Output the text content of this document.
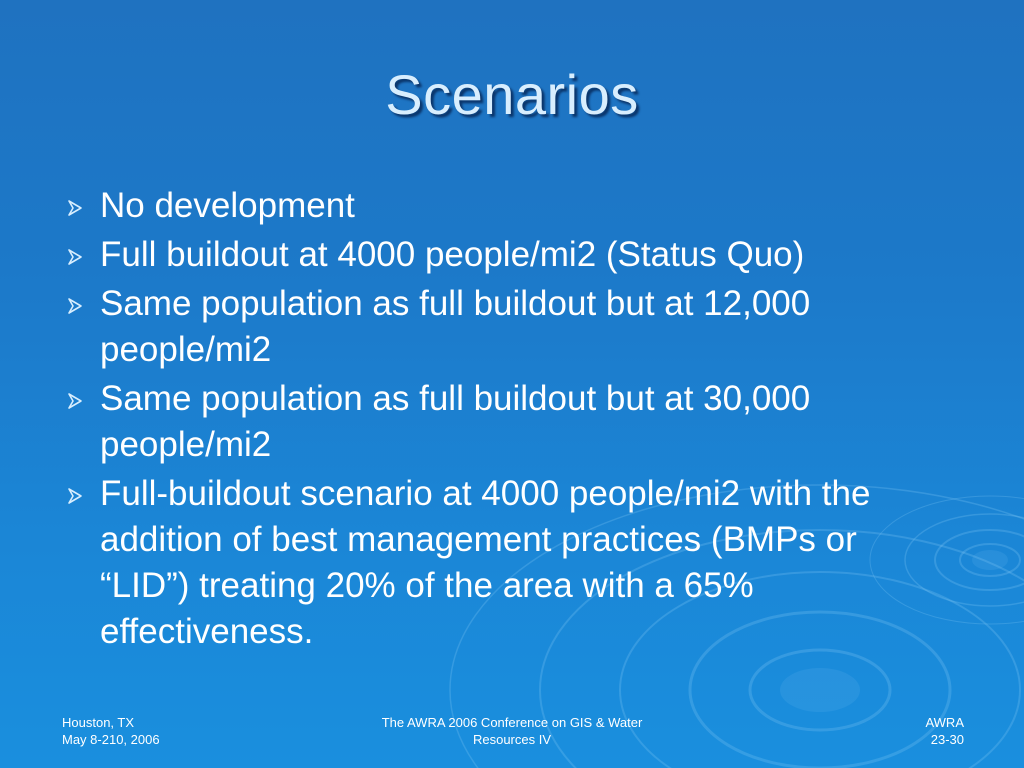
Scenarios
No development
Full buildout at 4000 people/mi2 (Status Quo)
Same population as full buildout but at 12,000 people/mi2
Same population as full buildout but at 30,000 people/mi2
Full-buildout scenario at 4000 people/mi2 with the addition of best management practices (BMPs or “LID”) treating 20% of the area with a 65% effectiveness.
Houston, TX
May 8-210, 2006
The AWRA 2006 Conference on GIS & Water
Resources IV
AWRA
23-30
